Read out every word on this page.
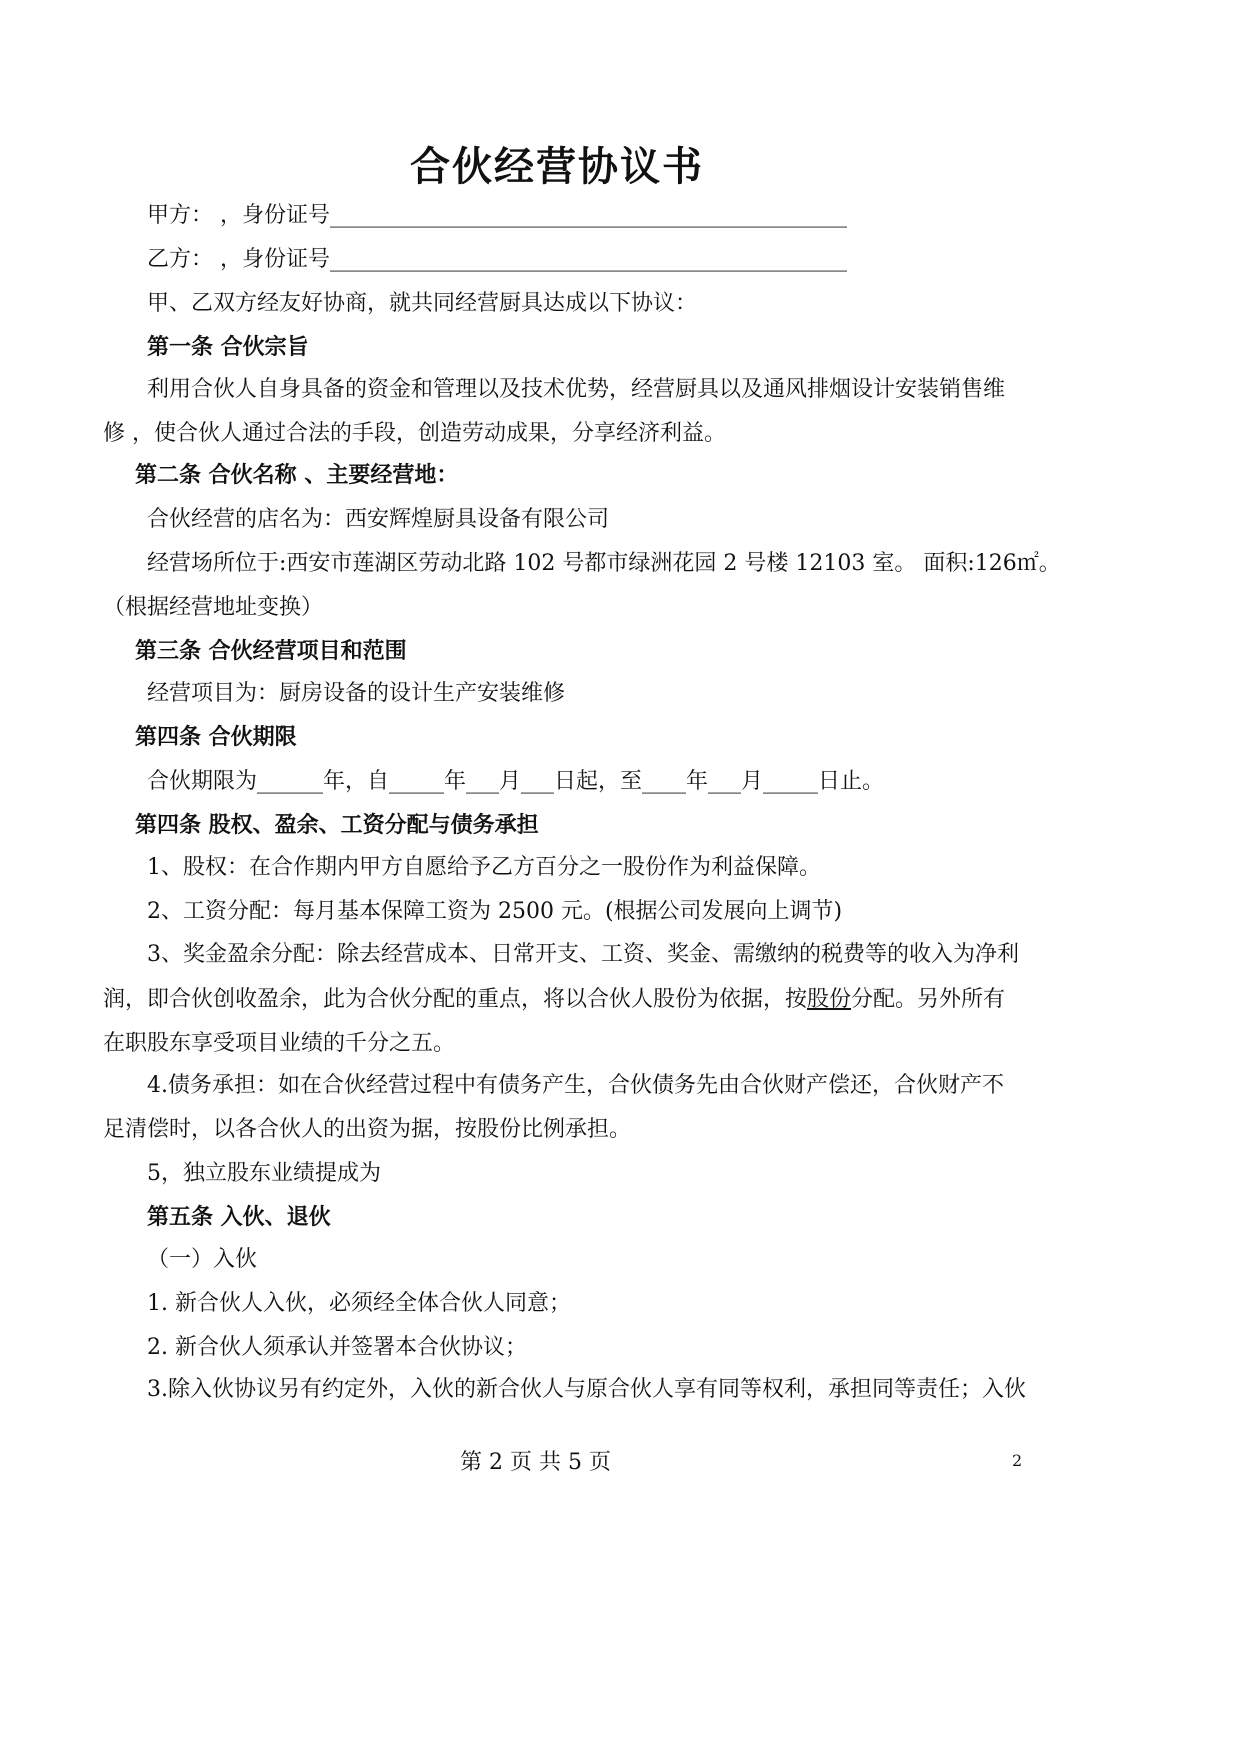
合伙经营协议书
甲方： ，身份证号_______________________________________________
乙方： ，身份证号_______________________________________________
甲、乙双方经友好协商，就共同经营厨具达成以下协议：
第一条 合伙宗旨
利用合伙人自身具备的资金和管理以及技术优势，经营厨具以及通风排烟设计安装销售维
修 ，使合伙人通过合法的手段，创造劳动成果，分享经济利益。
第二条 合伙名称 、主要经营地：
合伙经营的店名为：西安辉煌厨具设备有限公司
经营场所位于:西安市莲湖区劳动北路 102 号都市绿洲花园 2 号楼 12103 室。 面积:126㎡。
（根据经营地址变换）
第三条 合伙经营项目和范围
经营项目为：厨房设备的设计生产安装维修
第四条 合伙期限
合伙期限为______年，自_____年___月___日起，至____年___月_____日止。
第四条 股权、盈余、工资分配与债务承担
1、股权：在合作期内甲方自愿给予乙方百分之一股份作为利益保障。
2、工资分配：每月基本保障工资为 2500 元。(根据公司发展向上调节)
3、奖金盈余分配：除去经营成本、日常开支、工资、奖金、需缴纳的税费等的收入为净利
润，即合伙创收盈余，此为合伙分配的重点，将以合伙人股份为依据，按股份分配。另外所有
在职股东享受项目业绩的千分之五。
4.债务承担：如在合伙经营过程中有债务产生，合伙债务先由合伙财产偿还，合伙财产不
足清偿时，以各合伙人的出资为据，按股份比例承担。
5，独立股东业绩提成为
第五条 入伙、退伙
（一）入伙
1. 新合伙人入伙，必须经全体合伙人同意；
2. 新合伙人须承认并签署本合伙协议；
3.除入伙协议另有约定外，入伙的新合伙人与原合伙人享有同等权利，承担同等责任；入伙
第 2 页 共 5 页	2
